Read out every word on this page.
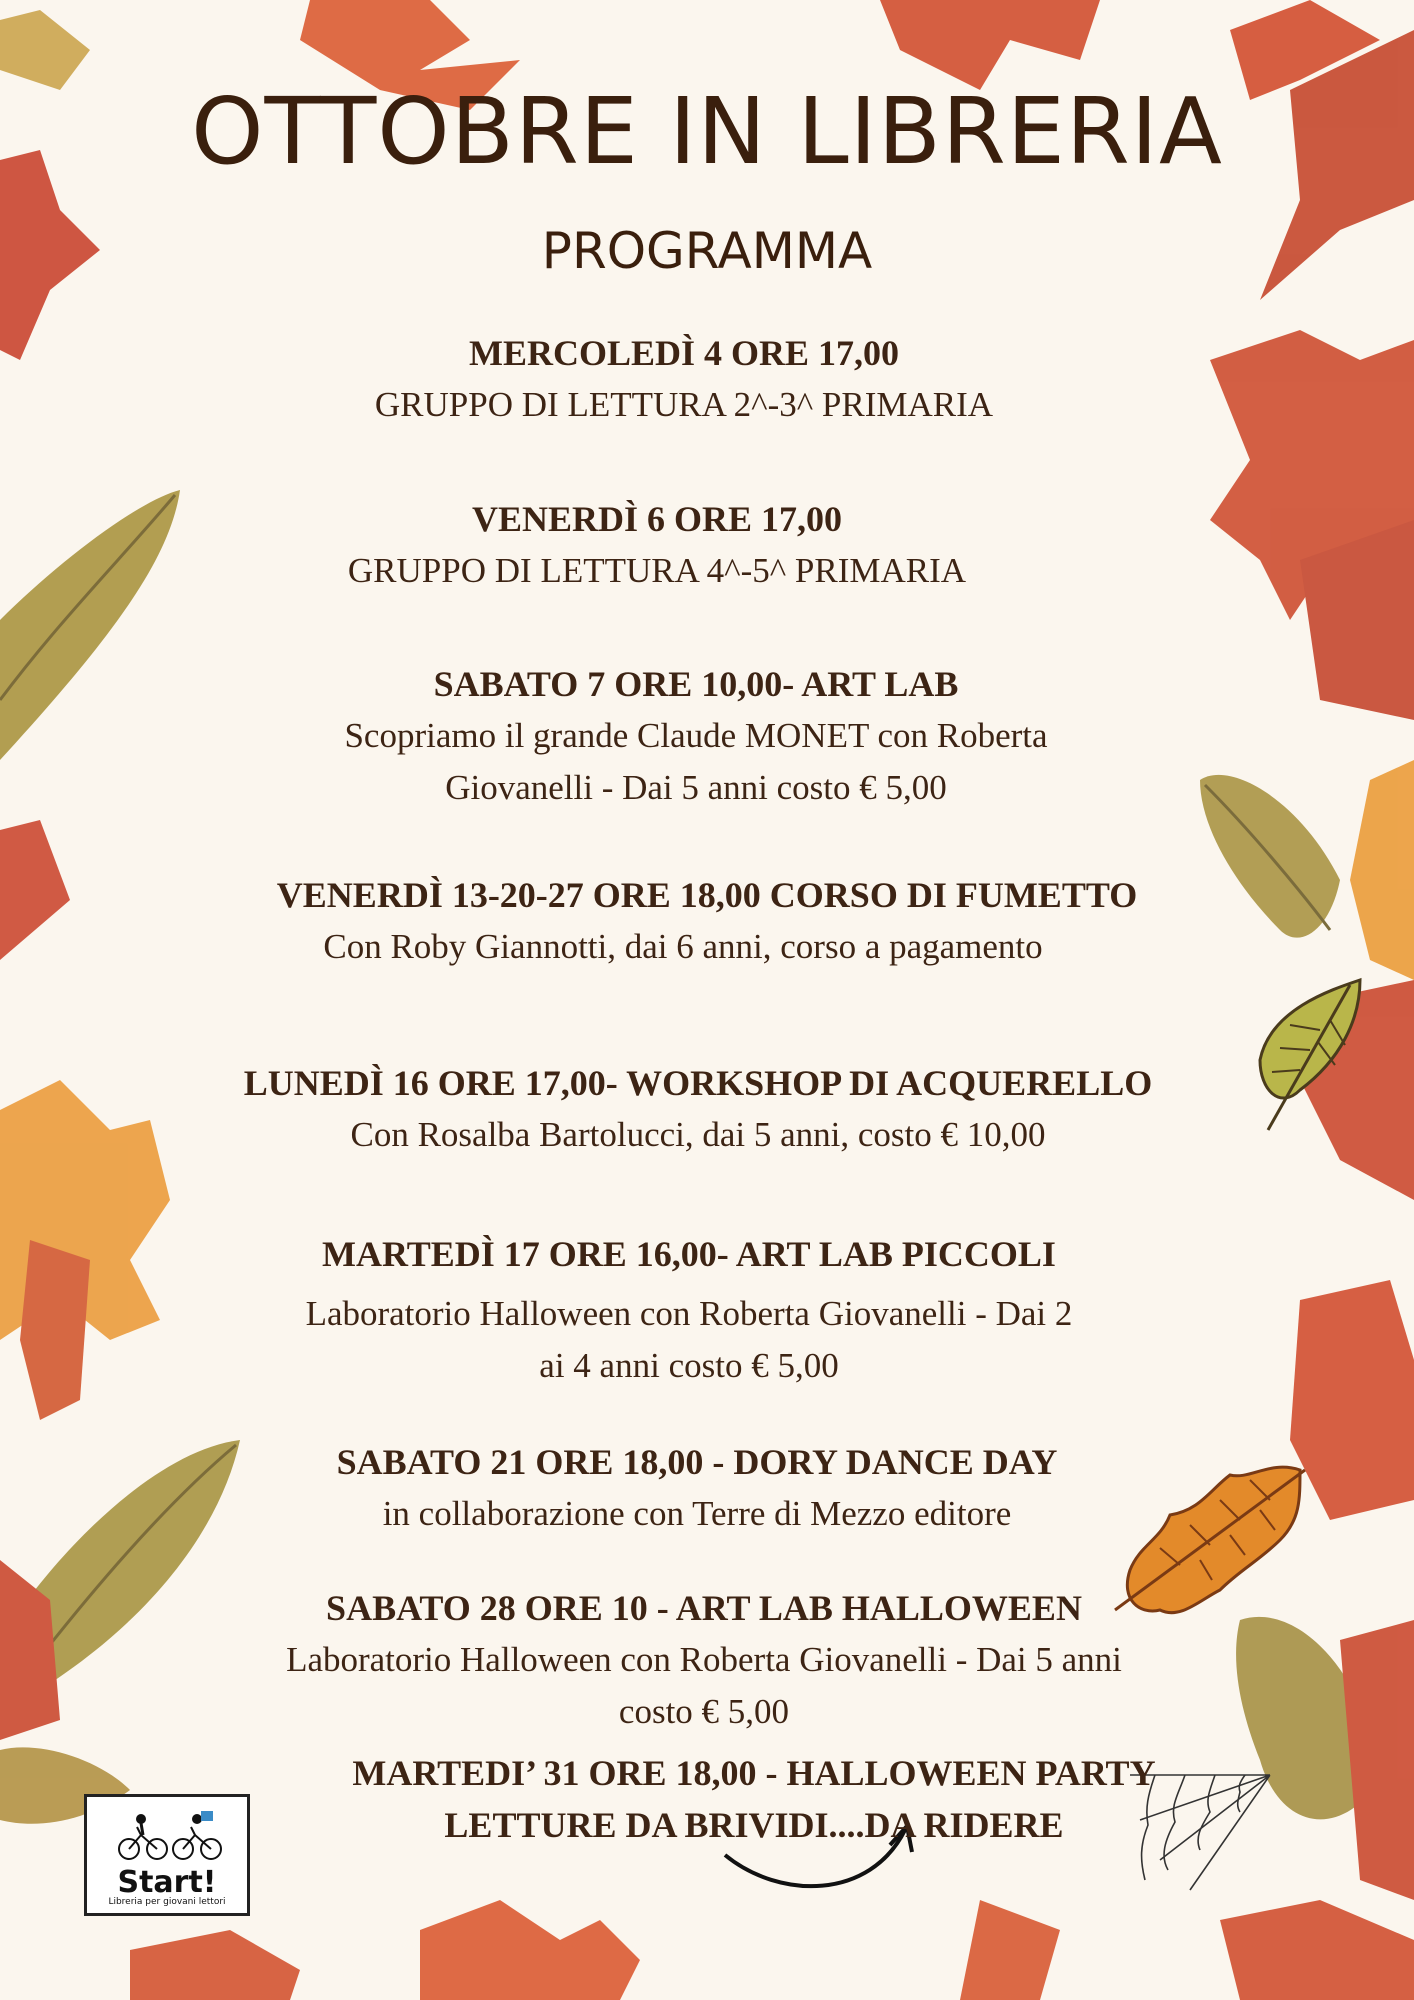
OTTOBRE IN LIBRERIA
PROGRAMMA
MERCOLEDÌ 4 ORE 17,00
GRUPPO DI LETTURA 2^-3^ PRIMARIA
VENERDÌ 6 ORE 17,00
GRUPPO DI LETTURA 4^-5^ PRIMARIA
SABATO 7 ORE 10,00- ART LAB
Scopriamo il grande Claude MONET con Roberta
Giovanelli - Dai 5 anni costo € 5,00
VENERDÌ 13-20-27 ORE 18,00 CORSO DI FUMETTO
Con Roby Giannotti, dai 6 anni, corso a pagamento
LUNEDÌ 16 ORE 17,00- WORKSHOP DI ACQUERELLO
Con Rosalba Bartolucci, dai 5 anni, costo € 10,00
MARTEDÌ 17 ORE 16,00- ART LAB PICCOLI
Laboratorio Halloween con Roberta Giovanelli - Dai 2
ai 4 anni costo € 5,00
SABATO 21 ORE 18,00 - DORY DANCE DAY
in collaborazione con Terre di Mezzo editore
SABATO 28 ORE 10 - ART LAB HALLOWEEN
Laboratorio Halloween con Roberta Giovanelli - Dai 5 anni
costo € 5,00
MARTEDI’ 31 ORE 18,00 - HALLOWEEN PARTY
LETTURE DA BRIVIDI....DA RIDERE
Start!
Libreria per giovani lettori
